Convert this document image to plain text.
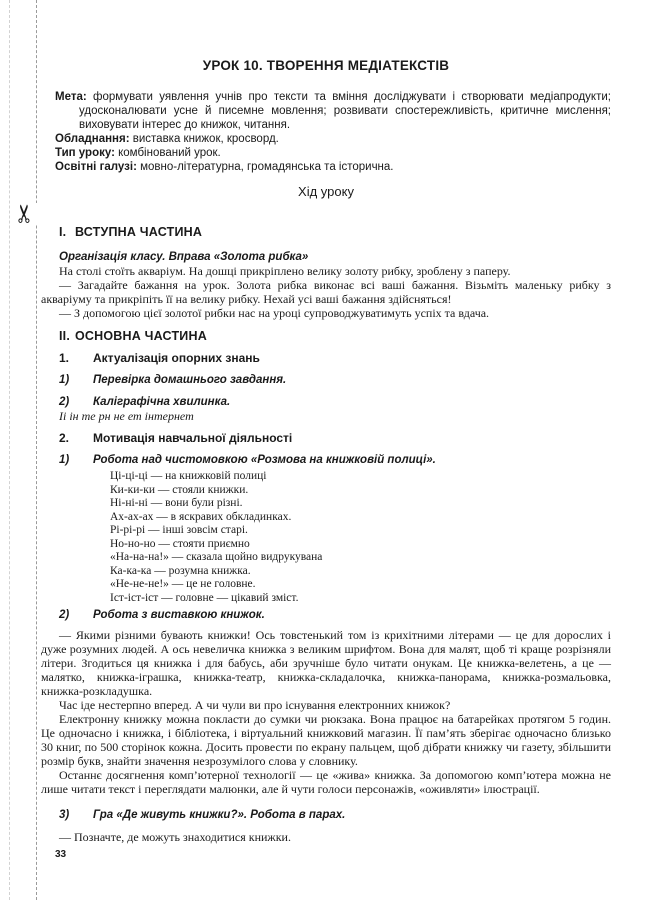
✂
УРОК 10. ТВОРЕННЯ МЕДІАТЕКСТІВ

Мета: формувати уявлення учнів про тексти та вміння досліджувати і створювати медіапродукти; удосконалювати усне й писемне мовлення; розвивати спостережливість, критичне мислення; виховувати інтерес до книжок, читання.

Обладнання: виставка книжок, кросворд.

Тип уроку: комбінований урок.

Освітні галузі: мовно-літературна, громадянська та історична.

Хід уроку
І. ВСТУПНА ЧАСТИНА
Організація класу. Вправа «Золота рибка»

На столі стоїть акваріум. На дошці прикріплено велику золоту рибку, зроблену з паперу.

— Загадайте бажання на урок. Золота рибка виконає всі ваші бажання. Візьміть маленьку рибку з акваріуму та прикріпіть її на велику рибку. Нехай усі ваші бажання здійсняться!

— З допомогою цієї золотої рибки нас на уроці супроводжуватимуть успіх та вдача.

ІІ. ОСНОВНА ЧАСТИНА
1.	Актуалізація опорних знань
1)	Перевірка домашнього завдання.
2)	Каліграфічна хвилинка.
Іі ін те рн не ет інтернет
2.	Мотивація навчальної діяльності
1)	Робота над чистомовкою «Розмова на книжковій полиці».
Ці-ці-ці — на книжковій полиці
Ки-ки-ки — стояли книжки.
Ні-ні-ні — вони були різні.
Ах-ах-ах — в яскравих обкладинках.
Рі-рі-рі — інші зовсім старі.
Но-но-но — стояти приємно
«На-на-на!» — сказала щойно видрукувана
Ка-ка-ка — розумна книжка.
«Не-не-не!» — це не головне.
Іст-іст-іст — головне — цікавий зміст.
2)	Робота з виставкою книжок.

— Якими різними бувають книжки! Ось товстенький том із крихітними літерами — це для дорослих і дуже розумних людей. А ось невеличка книжка з великим шрифтом. Вона для малят, щоб ті краще розрізняли літери. Згодиться ця книжка і для бабусь, аби зручніше було читати онукам. Це книжка-велетень, а це — малятко, книжка-іграшка, книжка-театр, книжка-складалочка, книжка-панорама, книжка-розмальовка, книжка-розкладушка.

Час іде нестерпно вперед. А чи чули ви про існування електронних книжок?

Електронну книжку можна покласти до сумки чи рюкзака. Вона працює на батарейках протягом 5 годин. Це одночасно і книжка, і бібліотека, і віртуальний книжковий магазин. Її пам’ять зберігає одночасно близько 30 книг, по 500 сторінок кожна. Досить провести по екрану пальцем, щоб дібрати книжку чи газету, збільшити розмір букв, знайти значення незрозумілого слова у словнику.

Останнє досягнення комп’ютерної технології — це «жива» книжка. За допомогою комп’ютера можна не лише читати текст і переглядати малюнки, але й чути голоси персонажів, «оживляти» ілюстрації.

3)	Гра «Де живуть книжки?». Робота в парах.

— Позначте, де можуть знаходитися книжки.

33
